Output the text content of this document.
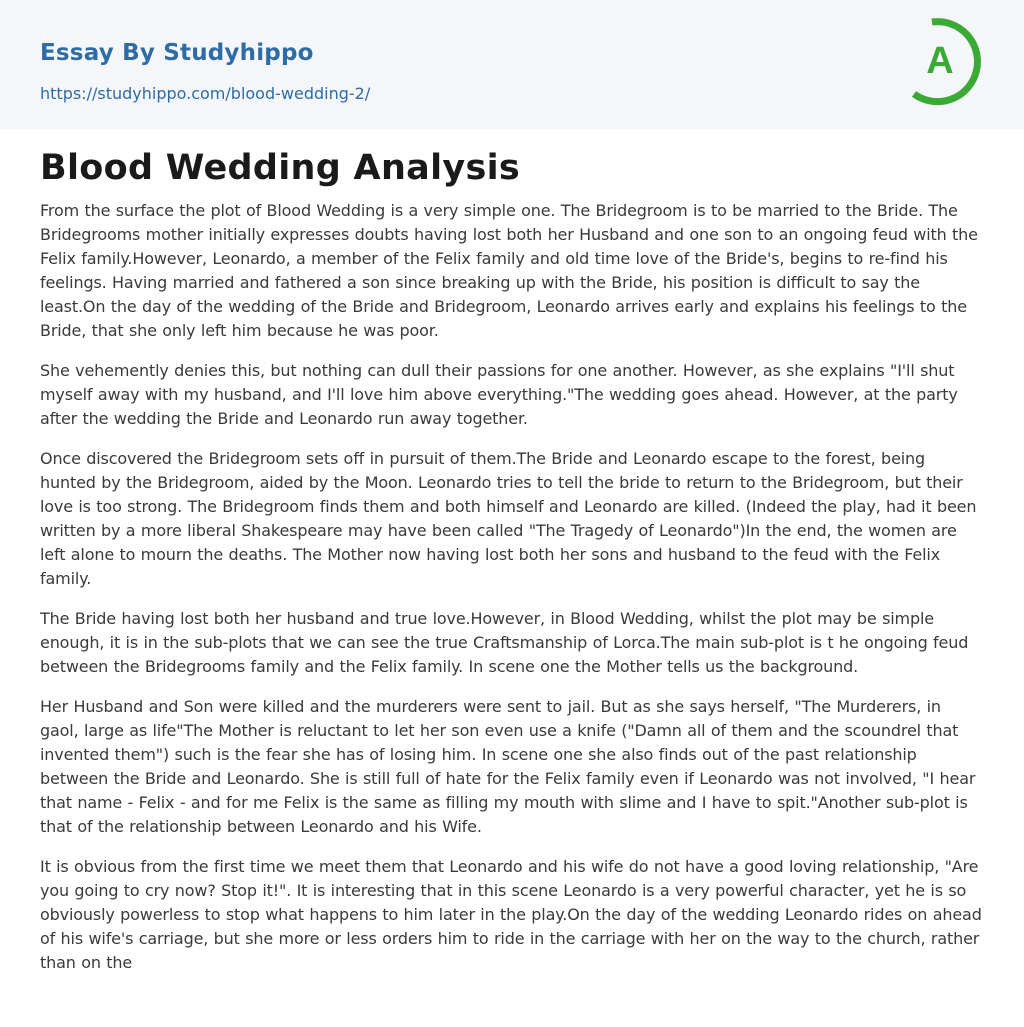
Essay By Studyhippo
https://studyhippo.com/blood-wedding-2/
A
Blood Wedding Analysis

From the surface the plot of Blood Wedding is a very simple one. The Bridegroom is to be married to the Bride. The Bridegrooms mother initially expresses doubts having lost both her Husband and one son to an ongoing feud with the Felix family.However, Leonardo, a member of the Felix family and old time love of the Bride's, begins to re-find his feelings. Having married and fathered a son since breaking up with the Bride, his position is difficult to say the least.On the day of the wedding of the Bride and Bridegroom, Leonardo arrives early and explains his feelings to the Bride, that she only left him because he was poor.

She vehemently denies this, but nothing can dull their passions for one another. However, as she explains "I'll shut myself away with my husband, and I'll love him above everything."The wedding goes ahead. However, at the party after the wedding the Bride and Leonardo run away together.

Once discovered the Bridegroom sets off in pursuit of them.The Bride and Leonardo escape to the forest, being hunted by the Bridegroom, aided by the Moon. Leonardo tries to tell the bride to return to the Bridegroom, but their love is too strong. The Bridegroom finds them and both himself and Leonardo are killed. (Indeed the play, had it been written by a more liberal Shakespeare may have been called "The Tragedy of Leonardo")In the end, the women are left alone to mourn the deaths. The Mother now having lost both her sons and husband to the feud with the Felix family.

The Bride having lost both her husband and true love.However, in Blood Wedding, whilst the plot may be simple enough, it is in the sub-plots that we can see the true Craftsmanship of Lorca.The main sub-plot is t he ongoing feud between the Bridegrooms family and the Felix family. In scene one the Mother tells us the background.

Her Husband and Son were killed and the murderers were sent to jail. But as she says herself, "The Murderers, in gaol, large as life"The Mother is reluctant to let her son even use a knife ("Damn all of them and the scoundrel that invented them") such is the fear she has of losing him. In scene one she also finds out of the past relationship between the Bride and Leonardo. She is still full of hate for the Felix family even if Leonardo was not involved, "I hear that name - Felix - and for me Felix is the same as filling my mouth with slime and I have to spit."Another sub-plot is that of the relationship between Leonardo and his Wife.

It is obvious from the first time we meet them that Leonardo and his wife do not have a good loving relationship, "Are you going to cry now? Stop it!". It is interesting that in this scene Leonardo is a very powerful character, yet he is so obviously powerless to stop what happens to him later in the play.On the day of the wedding Leonardo rides on ahead of his wife's carriage, but she more or less orders him to ride in the carriage with her on the way to the church, rather than on the
